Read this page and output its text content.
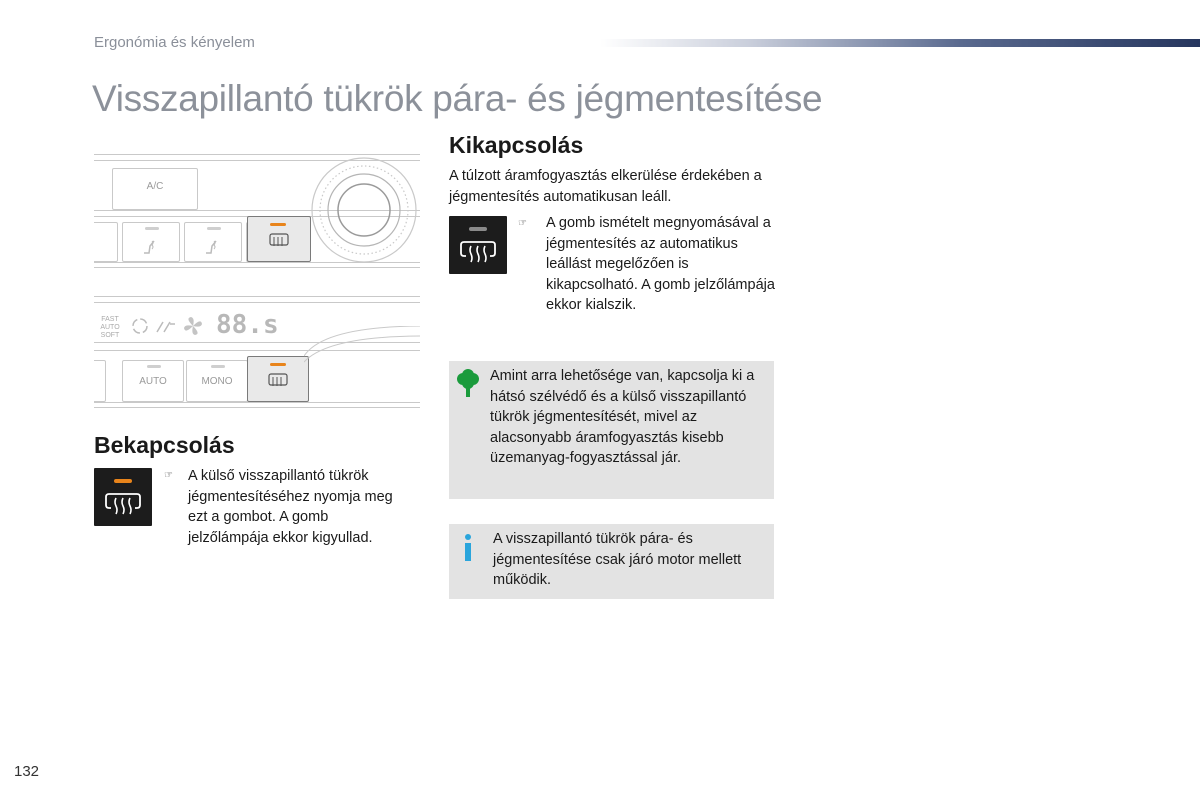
Ergonómia és kényelem
Visszapillantó tükrök pára- és jégmentesítése
A/C
FAST
AUTO
SOFT	88.s
AUTO	MONO
Bekapcsolás
☞ A külső visszapillantó tükrök jégmentesítéséhez nyomja meg ezt a gombot. A gomb jelzőlámpája ekkor kigyullad.
Kikapcsolás
A túlzott áramfogyasztás elkerülése érdekében a jégmentesítés automatikusan leáll.
☞ A gomb ismételt megnyomásával a jégmentesítés az automatikus leállást megelőzően is kikapcsolható. A gomb jelzőlámpája ekkor kialszik.
Amint arra lehetősége van, kapcsolja ki a hátsó szélvédő és a külső visszapillantó tükrök jégmentesítését, mivel az alacsonyabb áramfogyasztás kisebb üzemanyag-fogyasztással jár.
A visszapillantó tükrök pára- és jégmentesítése csak járó motor mellett működik.
132
